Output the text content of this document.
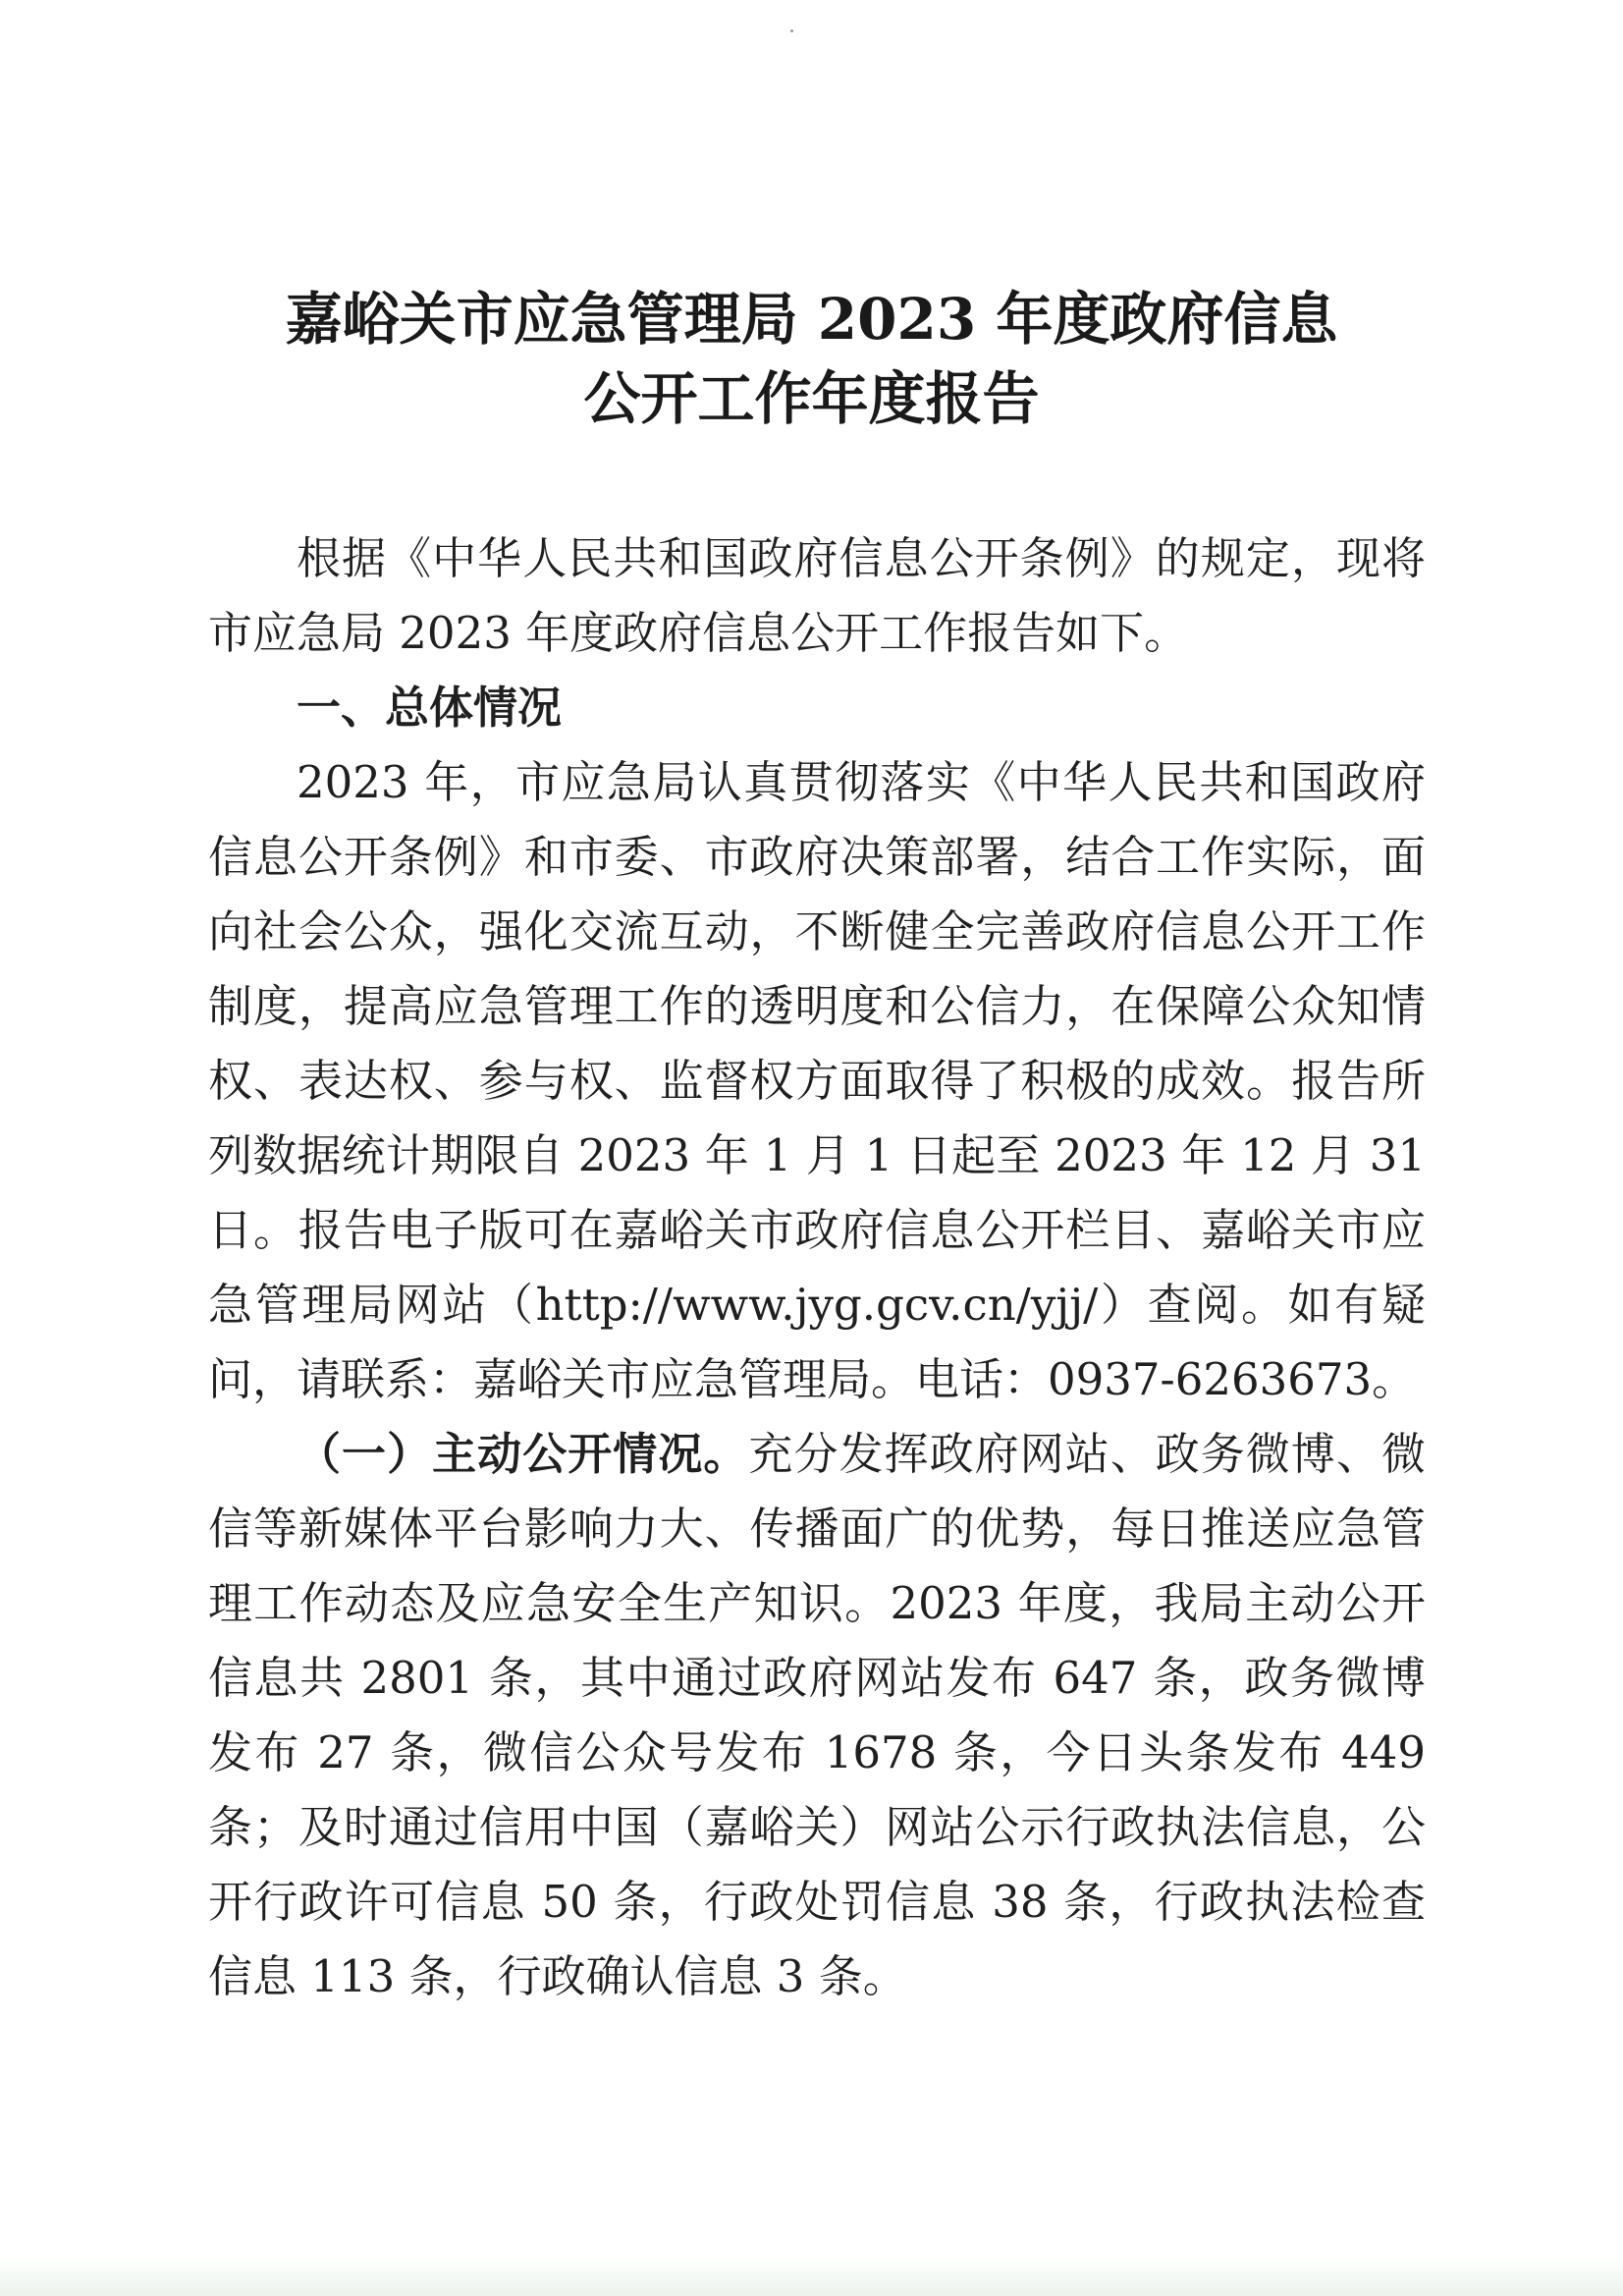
嘉峪关市应急管理局 2023 年度政府信息
公开工作年度报告

根据《中华人民共和国政府信息公开条例》的规定，现将市应急局 2023 年度政府信息公开工作报告如下。

一、总体情况

2023 年，市应急局认真贯彻落实《中华人民共和国政府信息公开条例》和市委、市政府决策部署，结合工作实际，面向社会公众，强化交流互动，不断健全完善政府信息公开工作制度，提高应急管理工作的透明度和公信力，在保障公众知情权、表达权、参与权、监督权方面取得了积极的成效。报告所列数据统计期限自 2023 年 1 月 1 日起至 2023 年 12 月 31 日。报告电子版可在嘉峪关市政府信息公开栏目、嘉峪关市应急管理局网站（http://www.jyg.gcv.cn/yjj/）查阅。如有疑问，请联系：嘉峪关市应急管理局。电话：0937-6263673。

（一）主动公开情况。充分发挥政府网站、政务微博、微信等新媒体平台影响力大、传播面广的优势，每日推送应急管理工作动态及应急安全生产知识。2023 年度，我局主动公开信息共 2801 条，其中通过政府网站发布 647 条，政务微博发布 27 条，微信公众号发布 1678 条，今日头条发布 449 条；及时通过信用中国（嘉峪关）网站公示行政执法信息，公开行政许可信息 50 条，行政处罚信息 38 条，行政执法检查信息 113 条，行政确认信息 3 条。
